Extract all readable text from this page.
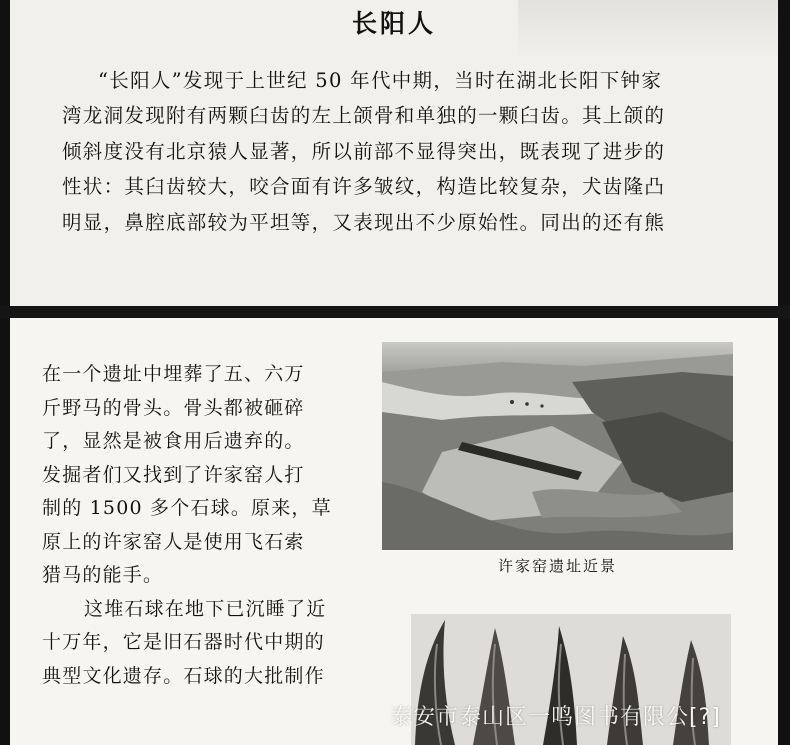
长阳人
“长阳人”发现于上世纪 50 年代中期，当时在湖北长阳下钟家
湾龙洞发现附有两颗臼齿的左上颌骨和单独的一颗臼齿。其上颌的
倾斜度没有北京猿人显著，所以前部不显得突出，既表现了进步的
性状：其臼齿较大，咬合面有许多皱纹，构造比较复杂，犬齿隆凸
明显，鼻腔底部较为平坦等，又表现出不少原始性。同出的还有熊
在一个遗址中埋葬了五、六万
斤野马的骨头。骨头都被砸碎
了，显然是被食用后遗弃的。
发掘者们又找到了许家窑人打
制的 1500 多个石球。原来，草
原上的许家窑人是使用飞石索
猎马的能手。
这堆石球在地下已沉睡了近
十万年，它是旧石器时代中期的
典型文化遗存。石球的大批制作
许家窑遗址近景
泰安市泰山区一鸣图书有限公[?]
